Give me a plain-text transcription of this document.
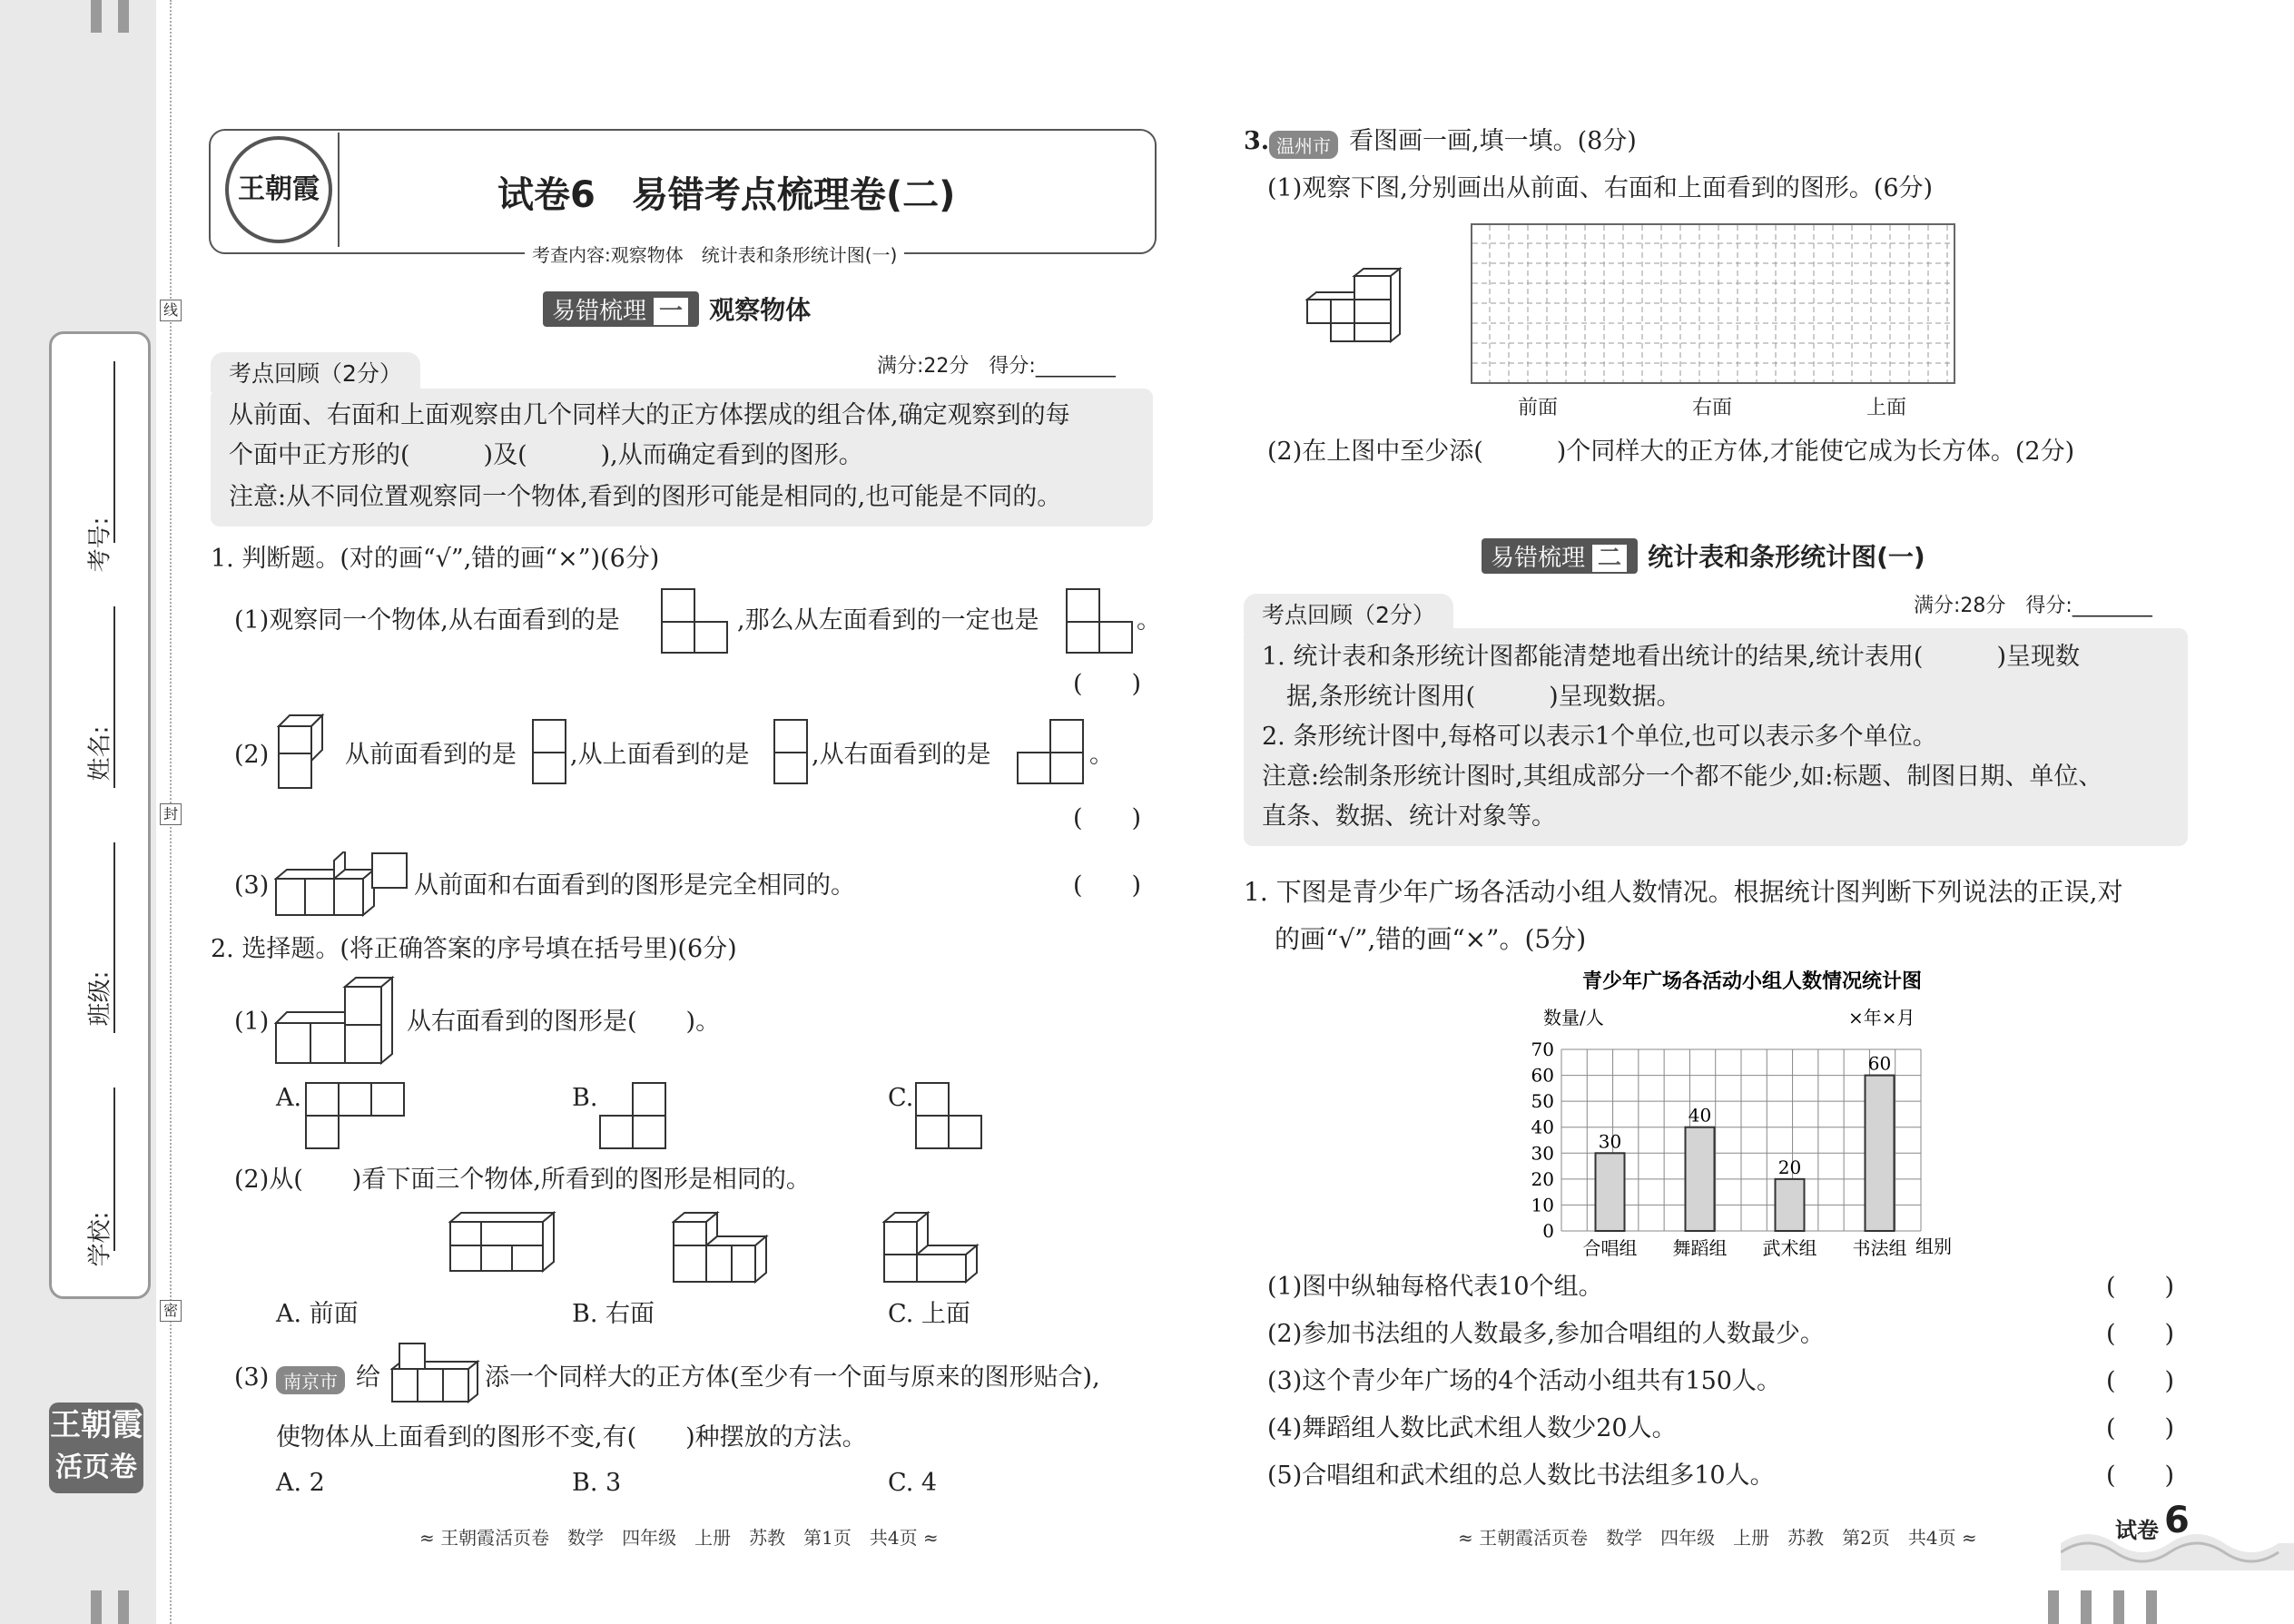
线
封
密
考号:
姓名:
班级:
学校:
王朝霞
活页卷
王朝霞	试卷6　易错考点梳理卷(二)
考查内容:观察物体　统计表和条形统计图(一)
易错梳理 一 观察物体
考点回顾（2分）	满分:22分　得分:________
从前面、右面和上面观察由几个同样大的正方体摆成的组合体,确定观察到的每
个面中正方形的(　　　)及(　　　),从而确定看到的图形。
注意:从不同位置观察同一个物体,看到的图形可能是相同的,也可能是不同的。
1. 判断题。(对的画“√”,错的画“×”)(6分)
(1)观察同一个物体,从右面看到的是	,那么从左面看到的一定也是	。
(　　)
(2)	从前面看到的是 ,从上面看到的是	,从右面看到的是	。
(　　)
(3)	从前面和右面看到的图形是完全相同的。	(　　)
2. 选择题。(将正确答案的序号填在括号里)(6分)
(1)	从右面看到的图形是(　　)。
A.	B.	C.
(2)从(　　)看下面三个物体,所看到的图形是相同的。
A. 前面	B. 右面	C. 上面
(3) 南京市 给	添一个同样大的正方体(至少有一个面与原来的图形贴合),
使物体从上面看到的图形不变,有(　　)种摆放的方法。
A. 2	B. 3	C. 4
≈ 王朝霞活页卷　数学　四年级　上册　苏教　第1页　共4页 ≈
3. 温州市 看图画一画,填一填。(8分)
(1)观察下图,分别画出从前面、右面和上面看到的图形。(6分)
前面	右面	上面
(2)在上图中至少添(　　　)个同样大的正方体,才能使它成为长方体。(2分)
易错梳理 二 统计表和条形统计图(一)
考点回顾（2分）	满分:28分　得分:________
1. 统计表和条形统计图都能清楚地看出统计的结果,统计表用(　　　)呈现数
　据,条形统计图用(　　　)呈现数据。
2. 条形统计图中,每格可以表示1个单位,也可以表示多个单位。
注意:绘制条形统计图时,其组成部分一个都不能少,如:标题、制图日期、单位、
直条、数据、统计对象等。
1. 下图是青少年广场各活动小组人数情况。根据统计图判断下列说法的正误,对
的画“√”,错的画“×”。(5分)
青少年广场各活动小组人数情况统计图
数量/人	×年×月
组别
0
10
20
30
40
50
60
70
30
合唱组
40
舞蹈组
20
武术组
60
书法组
(1)图中纵轴每格代表10个组。
(2)参加书法组的人数最多,参加合唱组的人数最少。
(3)这个青少年广场的4个活动小组共有150人。
(4)舞蹈组人数比武术组人数少20人。
(5)合唱组和武术组的总人数比书法组多10人。
(　　)
(　　)
(　　)
(　　)
(　　)
≈ 王朝霞活页卷　数学　四年级　上册　苏教　第2页　共4页 ≈	试卷 6
